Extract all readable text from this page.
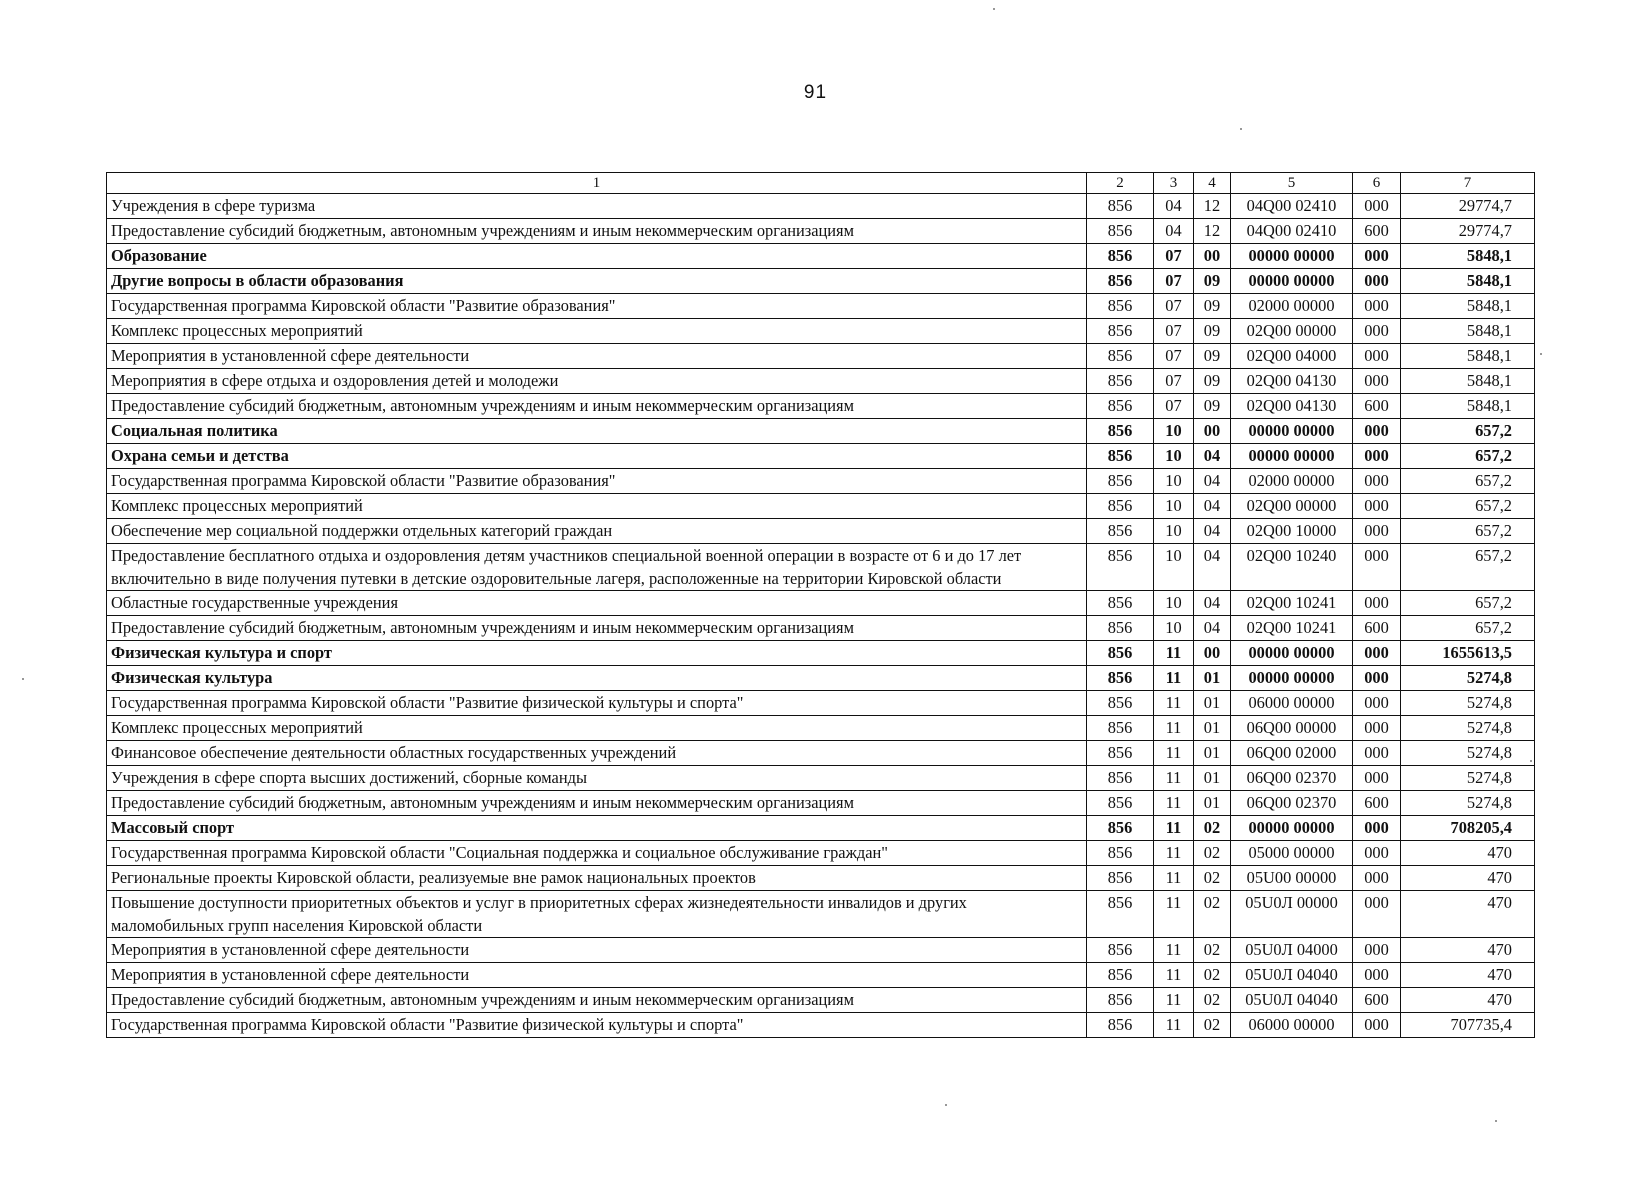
91
1	2	3	4	5	6	7
Учреждения в сфере туризма	856	04	12	04Q00 02410	000	29774,7
Предоставление субсидий бюджетным, автономным учреждениям и иным некоммерческим организациям	856	04	12	04Q00 02410	600	29774,7
Образование	856	07	00	00000 00000	000	5848,1
Другие вопросы в области образования	856	07	09	00000 00000	000	5848,1
Государственная программа Кировской области "Развитие образования"	856	07	09	02000 00000	000	5848,1
Комплекс процессных мероприятий	856	07	09	02Q00 00000	000	5848,1
Мероприятия в установленной сфере деятельности	856	07	09	02Q00 04000	000	5848,1
Мероприятия в сфере отдыха и оздоровления детей и молодежи	856	07	09	02Q00 04130	000	5848,1
Предоставление субсидий бюджетным, автономным учреждениям и иным некоммерческим организациям	856	07	09	02Q00 04130	600	5848,1
Социальная политика	856	10	00	00000 00000	000	657,2
Охрана семьи и детства	856	10	04	00000 00000	000	657,2
Государственная программа Кировской области "Развитие образования"	856	10	04	02000 00000	000	657,2
Комплекс процессных мероприятий	856	10	04	02Q00 00000	000	657,2
Обеспечение мер социальной поддержки отдельных категорий граждан	856	10	04	02Q00 10000	000	657,2
Предоставление бесплатного отдыха и оздоровления детям участников специальной военной операции в возрасте от 6 и до 17 лет включительно в виде получения путевки в детские оздоровительные лагеря, расположенные на территории Кировской области	856	10	04	02Q00 10240	000	657,2
Областные государственные учреждения	856	10	04	02Q00 10241	000	657,2
Предоставление субсидий бюджетным, автономным учреждениям и иным некоммерческим организациям	856	10	04	02Q00 10241	600	657,2
Физическая культура и спорт	856	11	00	00000 00000	000	1655613,5
Физическая культура	856	11	01	00000 00000	000	5274,8
Государственная программа Кировской области "Развитие физической культуры и спорта"	856	11	01	06000 00000	000	5274,8
Комплекс процессных мероприятий	856	11	01	06Q00 00000	000	5274,8
Финансовое обеспечение деятельности областных государственных учреждений	856	11	01	06Q00 02000	000	5274,8
Учреждения в сфере спорта высших достижений, сборные команды	856	11	01	06Q00 02370	000	5274,8
Предоставление субсидий бюджетным, автономным учреждениям и иным некоммерческим организациям	856	11	01	06Q00 02370	600	5274,8
Массовый спорт	856	11	02	00000 00000	000	708205,4
Государственная программа Кировской области "Социальная поддержка и социальное обслуживание граждан"	856	11	02	05000 00000	000	470
Региональные проекты Кировской области, реализуемые вне рамок национальных проектов	856	11	02	05U00 00000	000	470
Повышение доступности приоритетных объектов и услуг в приоритетных сферах жизнедеятельности инвалидов и других маломобильных групп населения Кировской области	856	11	02	05U0Л 00000	000	470
Мероприятия в установленной сфере деятельности	856	11	02	05U0Л 04000	000	470
Мероприятия в установленной сфере деятельности	856	11	02	05U0Л 04040	000	470
Предоставление субсидий бюджетным, автономным учреждениям и иным некоммерческим организациям	856	11	02	05U0Л 04040	600	470
Государственная программа Кировской области "Развитие физической культуры и спорта"	856	11	02	06000 00000	000	707735,4
